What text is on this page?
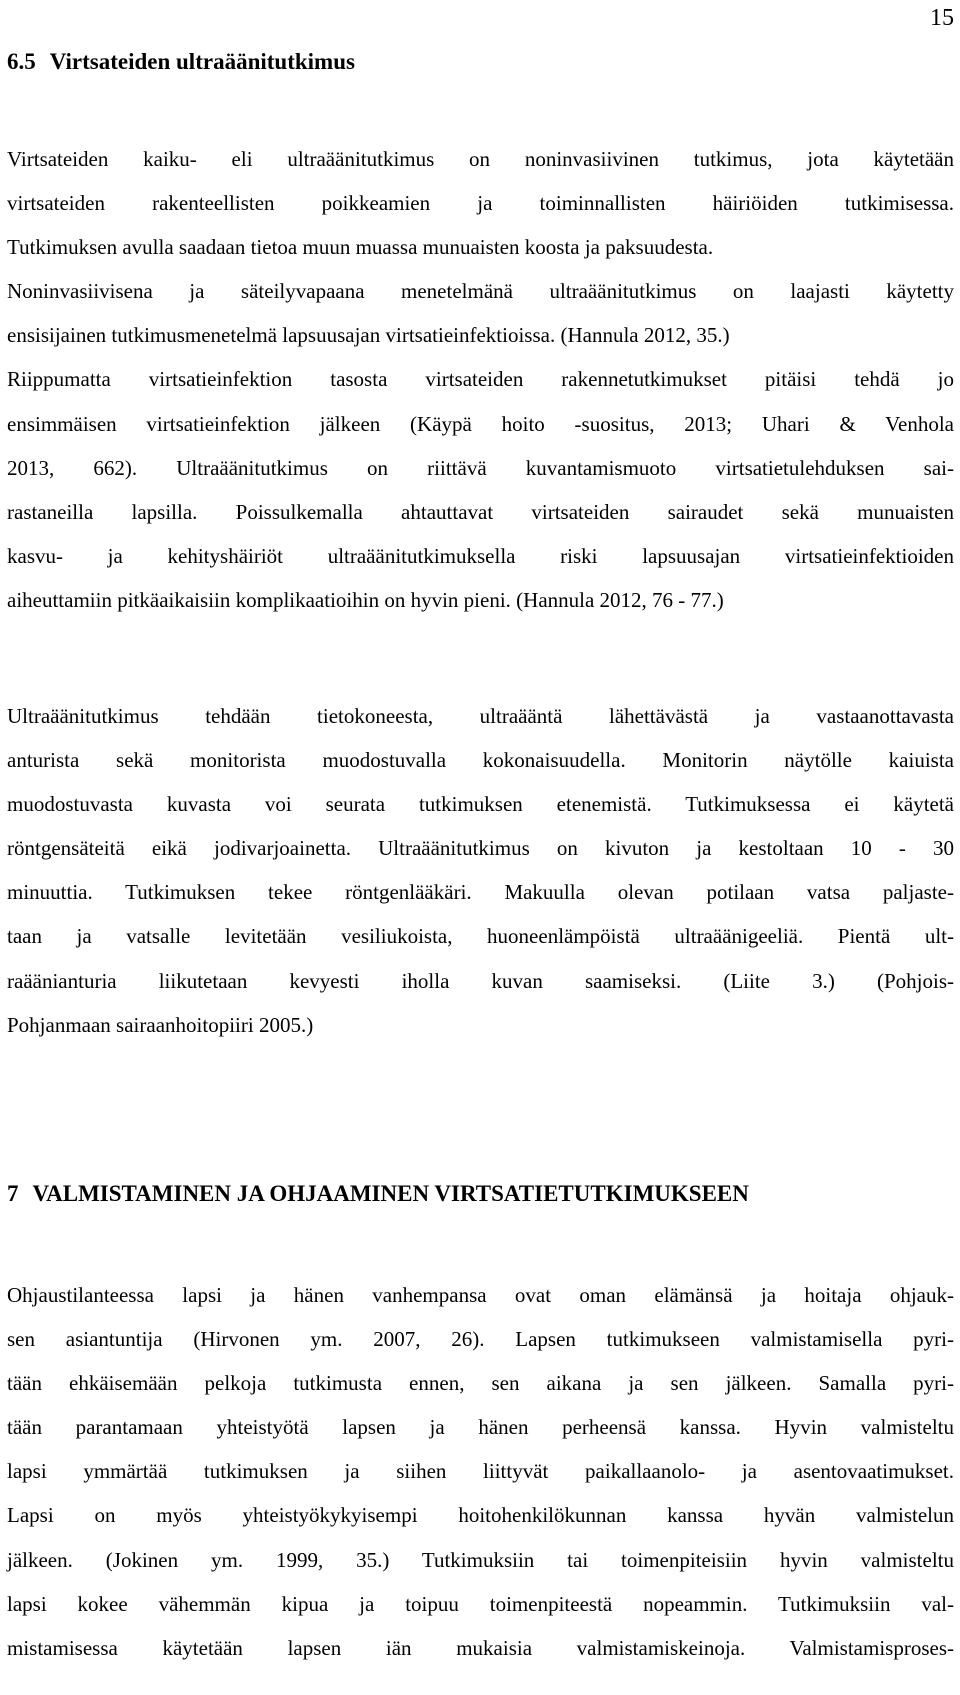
15
6.5 Virtsateiden ultraäänitutkimus
Virtsateiden kaiku- eli ultraäänitutkimus on noninvasiivinen tutkimus, jota käytetään
virtsateiden rakenteellisten poikkeamien ja toiminnallisten häiriöiden tutkimisessa.
Tutkimuksen avulla saadaan tietoa muun muassa munuaisten koosta ja paksuudesta.
Noninvasiivisena ja säteilyvapaana menetelmänä ultraäänitutkimus on laajasti käytetty
ensisijainen tutkimusmenetelmä lapsuusajan virtsatieinfektioissa. (Hannula 2012, 35.)
Riippumatta virtsatieinfektion tasosta virtsateiden rakennetutkimukset pitäisi tehdä jo
ensimmäisen virtsatieinfektion jälkeen (Käypä hoito -suositus, 2013; Uhari & Venhola
2013, 662). Ultraäänitutkimus on riittävä kuvantamismuoto virtsatietulehduksen sai-
rastaneilla lapsilla. Poissulkemalla ahtauttavat virtsateiden sairaudet sekä munuaisten
kasvu- ja kehityshäiriöt ultraäänitutkimuksella riski lapsuusajan virtsatieinfektioiden
aiheuttamiin pitkäaikaisiin komplikaatioihin on hyvin pieni. (Hannula 2012, 76 - 77.)
Ultraäänitutkimus tehdään tietokoneesta, ultraääntä lähettävästä ja vastaanottavasta
anturista sekä monitorista muodostuvalla kokonaisuudella. Monitorin näytölle kaiuista
muodostuvasta kuvasta voi seurata tutkimuksen etenemistä. Tutkimuksessa ei käytetä
röntgensäteitä eikä jodivarjoainetta. Ultraäänitutkimus on kivuton ja kestoltaan 10 - 30
minuuttia. Tutkimuksen tekee röntgenlääkäri. Makuulla olevan potilaan vatsa paljaste-
taan ja vatsalle levitetään vesiliukoista, huoneenlämpöistä ultraäänigeeliä. Pientä ult-
raäänianturia liikutetaan kevyesti iholla kuvan saamiseksi. (Liite 3.) (Pohjois-
Pohjanmaan sairaanhoitopiiri 2005.)
7 VALMISTAMINEN JA OHJAAMINEN VIRTSATIETUTKIMUKSEEN
Ohjaustilanteessa lapsi ja hänen vanhempansa ovat oman elämänsä ja hoitaja ohjauk-
sen asiantuntija (Hirvonen ym. 2007, 26). Lapsen tutkimukseen valmistamisella pyri-
tään ehkäisemään pelkoja tutkimusta ennen, sen aikana ja sen jälkeen. Samalla pyri-
tään parantamaan yhteistyötä lapsen ja hänen perheensä kanssa. Hyvin valmisteltu
lapsi ymmärtää tutkimuksen ja siihen liittyvät paikallaanolo- ja asentovaatimukset.
Lapsi on myös yhteistyökykyisempi hoitohenkilökunnan kanssa hyvän valmistelun
jälkeen. (Jokinen ym. 1999, 35.) Tutkimuksiin tai toimenpiteisiin hyvin valmisteltu
lapsi kokee vähemmän kipua ja toipuu toimenpiteestä nopeammin. Tutkimuksiin val-
mistamisessa käytetään lapsen iän mukaisia valmistamiskeinoja. Valmistamisproses-
